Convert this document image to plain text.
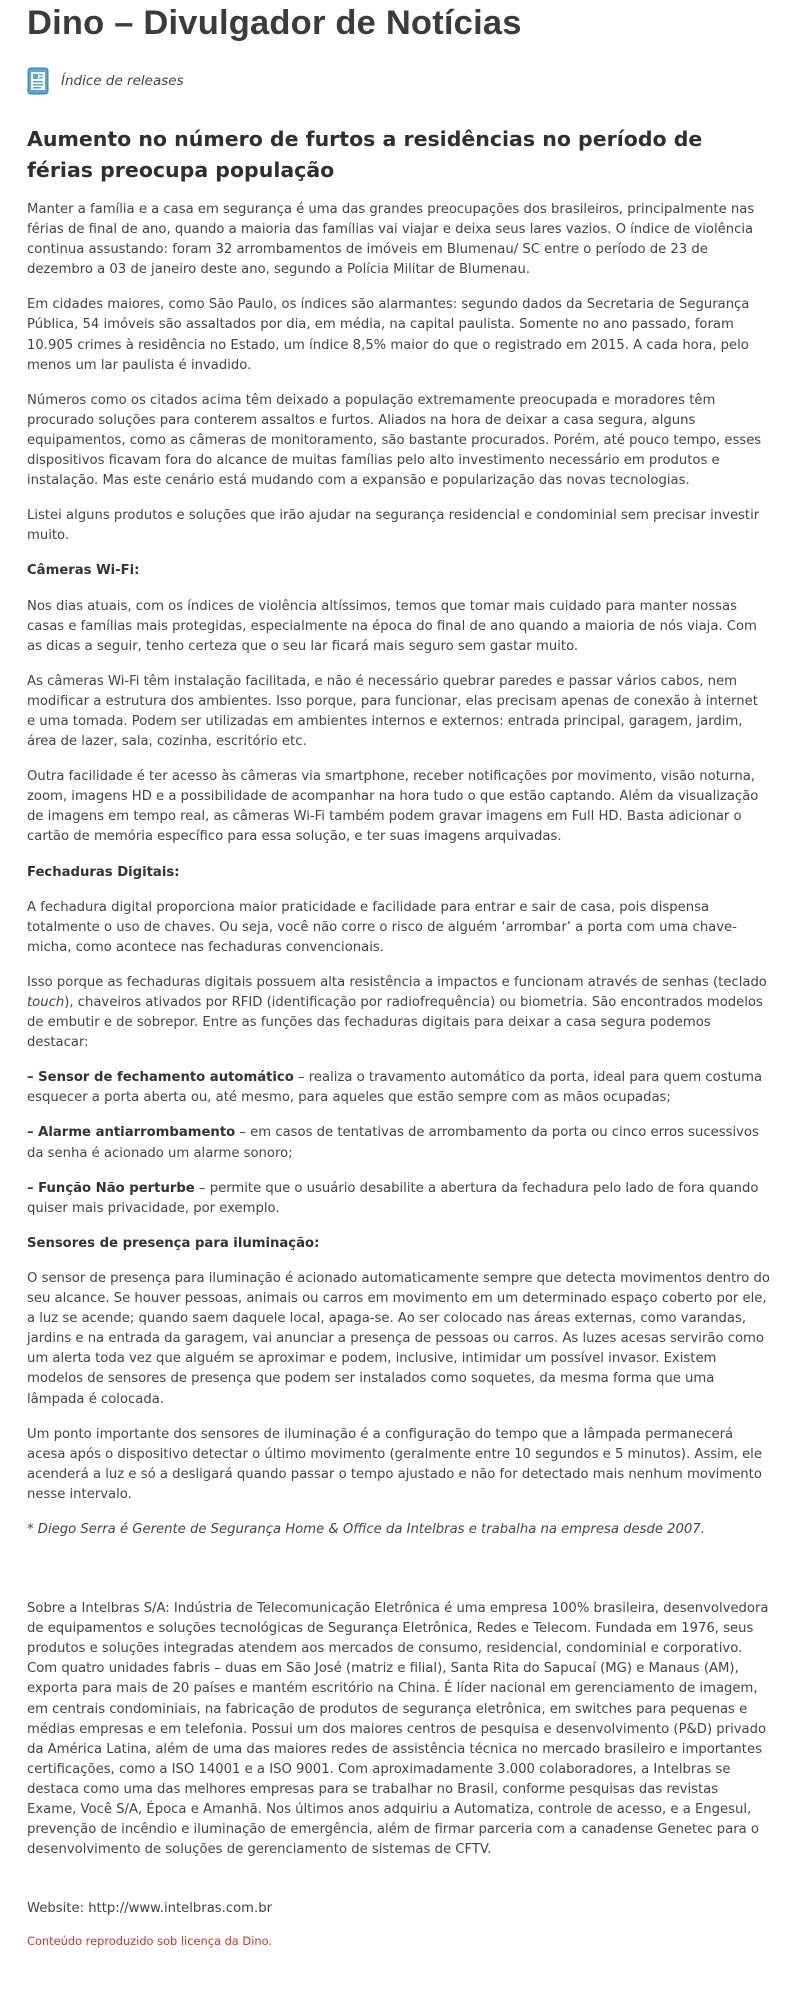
Dino – Divulgador de Notícias
Índice de releases
Aumento no número de furtos a residências no período de férias preocupa população

Manter a família e a casa em segurança é uma das grandes preocupações dos brasileiros, principalmente nas férias de final de ano, quando a maioria das famílias vai viajar e deixa seus lares vazios. O índice de violência continua assustando: foram 32 arrombamentos de imóveis em Blumenau/ SC entre o período de 23 de dezembro a 03 de janeiro deste ano, segundo a Polícia Militar de Blumenau.

Em cidades maiores, como São Paulo, os índices são alarmantes: segundo dados da Secretaria de Segurança Pública, 54 imóveis são assaltados por dia, em média, na capital paulista. Somente no ano passado, foram 10.905 crimes à residência no Estado, um índice 8,5% maior do que o registrado em 2015. A cada hora, pelo menos um lar paulista é invadido.

Números como os citados acima têm deixado a população extremamente preocupada e moradores têm procurado soluções para conterem assaltos e furtos. Aliados na hora de deixar a casa segura, alguns equipamentos, como as câmeras de monitoramento, são bastante procurados. Porém, até pouco tempo, esses dispositivos ficavam fora do alcance de muitas famílias pelo alto investimento necessário em produtos e instalação. Mas este cenário está mudando com a expansão e popularização das novas tecnologias.

Listei alguns produtos e soluções que irão ajudar na segurança residencial e condominial sem precisar investir muito.

Câmeras Wi-Fi:

Nos dias atuais, com os índices de violência altíssimos, temos que tomar mais cuidado para manter nossas casas e famílias mais protegidas, especialmente na época do final de ano quando a maioria de nós viaja. Com as dicas a seguir, tenho certeza que o seu lar ficará mais seguro sem gastar muito.

As câmeras Wi-Fi têm instalação facilitada, e não é necessário quebrar paredes e passar vários cabos, nem modificar a estrutura dos ambientes. Isso porque, para funcionar, elas precisam apenas de conexão à internet e uma tomada. Podem ser utilizadas em ambientes internos e externos: entrada principal, garagem, jardim, área de lazer, sala, cozinha, escritório etc.

Outra facilidade é ter acesso às câmeras via smartphone, receber notificações por movimento, visão noturna, zoom, imagens HD e a possibilidade de acompanhar na hora tudo o que estão captando. Além da visualização de imagens em tempo real, as câmeras Wi-Fi também podem gravar imagens em Full HD. Basta adicionar o cartão de memória específico para essa solução, e ter suas imagens arquivadas.

Fechaduras Digitais:

A fechadura digital proporciona maior praticidade e facilidade para entrar e sair de casa, pois dispensa totalmente o uso de chaves. Ou seja, você não corre o risco de alguém ‘arrombar’ a porta com uma chave-micha, como acontece nas fechaduras convencionais.

Isso porque as fechaduras digitais possuem alta resistência a impactos e funcionam através de senhas (teclado touch), chaveiros ativados por RFID (identificação por radiofrequência) ou biometria. São encontrados modelos de embutir e de sobrepor. Entre as funções das fechaduras digitais para deixar a casa segura podemos destacar:

– Sensor de fechamento automático – realiza o travamento automático da porta, ideal para quem costuma esquecer a porta aberta ou, até mesmo, para aqueles que estão sempre com as mãos ocupadas;

– Alarme antiarrombamento – em casos de tentativas de arrombamento da porta ou cinco erros sucessivos da senha é acionado um alarme sonoro;

– Função Não perturbe – permite que o usuário desabilite a abertura da fechadura pelo lado de fora quando quiser mais privacidade, por exemplo.

Sensores de presença para iluminação:

O sensor de presença para iluminação é acionado automaticamente sempre que detecta movimentos dentro do seu alcance. Se houver pessoas, animais ou carros em movimento em um determinado espaço coberto por ele, a luz se acende; quando saem daquele local, apaga-se. Ao ser colocado nas áreas externas, como varandas, jardins e na entrada da garagem, vai anunciar a presença de pessoas ou carros. As luzes acesas servirão como um alerta toda vez que alguém se aproximar e podem, inclusive, intimidar um possível invasor. Existem modelos de sensores de presença que podem ser instalados como soquetes, da mesma forma que uma lâmpada é colocada.

Um ponto importante dos sensores de iluminação é a configuração do tempo que a lâmpada permanecerá acesa após o dispositivo detectar o último movimento (geralmente entre 10 segundos e 5 minutos). Assim, ele acenderá a luz e só a desligará quando passar o tempo ajustado e não for detectado mais nenhum movimento nesse intervalo.

* Diego Serra é Gerente de Segurança Home & Office da Intelbras e trabalha na empresa desde 2007.

Sobre a Intelbras S/A: Indústria de Telecomunicação Eletrônica é uma empresa 100% brasileira, desenvolvedora de equipamentos e soluções tecnológicas de Segurança Eletrônica, Redes e Telecom. Fundada em 1976, seus produtos e soluções integradas atendem aos mercados de consumo, residencial, condominial e corporativo. Com quatro unidades fabris – duas em São José (matriz e filial), Santa Rita do Sapucaí (MG) e Manaus (AM), exporta para mais de 20 países e mantém escritório na China. É líder nacional em gerenciamento de imagem, em centrais condominiais, na fabricação de produtos de segurança eletrônica, em switches para pequenas e médias empresas e em telefonia. Possui um dos maiores centros de pesquisa e desenvolvimento (P&D) privado da América Latina, além de uma das maiores redes de assistência técnica no mercado brasileiro e importantes certificações, como a ISO 14001 e a ISO 9001. Com aproximadamente 3.000 colaboradores, a Intelbras se destaca como uma das melhores empresas para se trabalhar no Brasil, conforme pesquisas das revistas Exame, Você S/A, Época e Amanhã. Nos últimos anos adquiriu a Automatiza, controle de acesso, e a Engesul, prevenção de incêndio e iluminação de emergência, além de firmar parceria com a canadense Genetec para o desenvolvimento de soluções de gerenciamento de sistemas de CFTV.

Website: http://www.intelbras.com.br
Conteúdo reproduzido sob licença da Dino.
